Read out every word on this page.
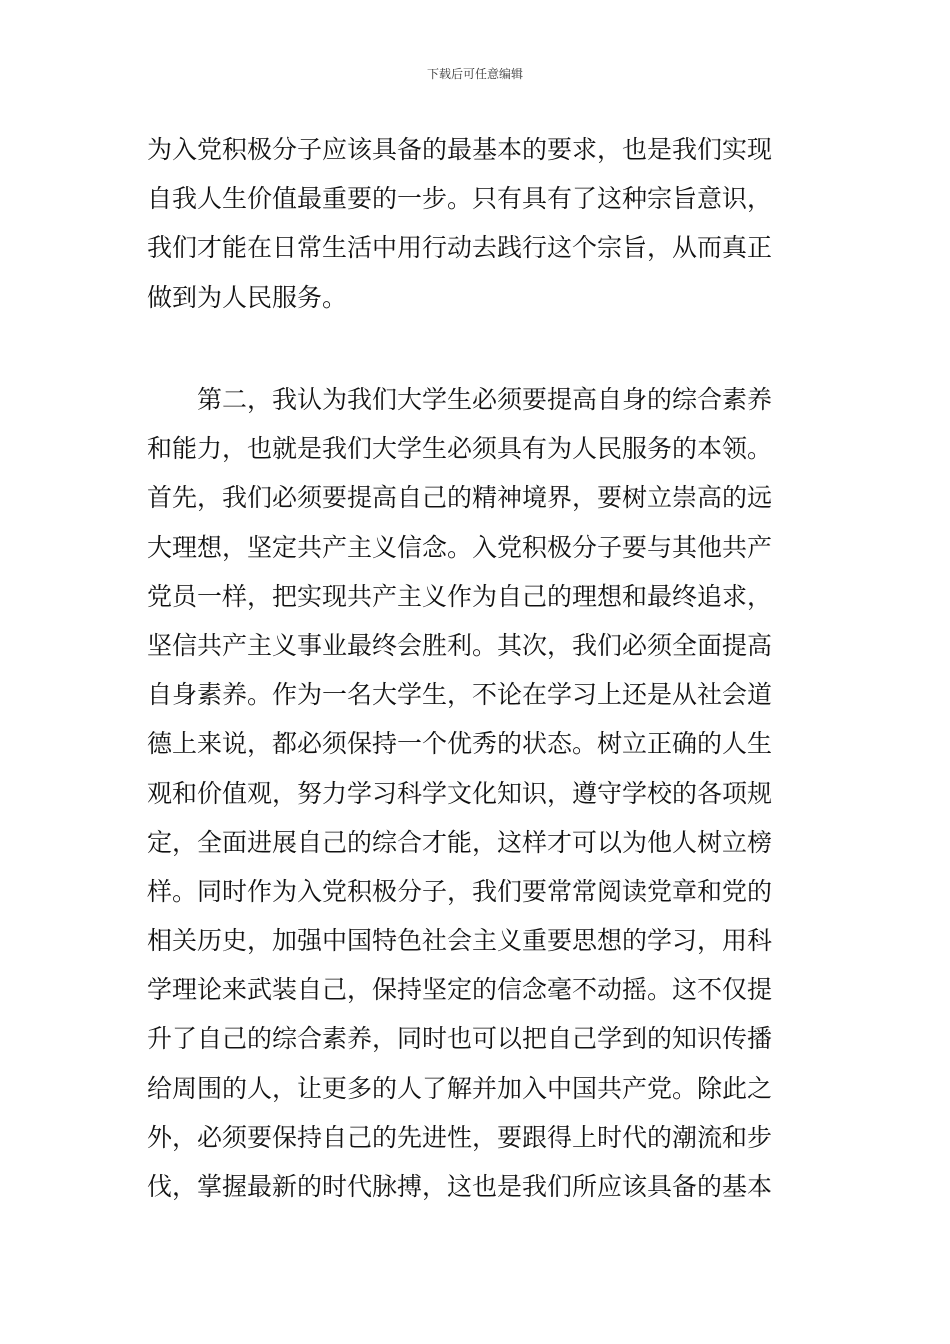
下载后可任意编辑
为入党积极分子应该具备的最基本的要求，也是我们实现
自我人生价值最重要的一步。只有具有了这种宗旨意识，
我们才能在日常生活中用行动去践行这个宗旨，从而真正
做到为人民服务。
第二，我认为我们大学生必须要提高自身的综合素养
和能力，也就是我们大学生必须具有为人民服务的本领。
首先，我们必须要提高自己的精神境界，要树立崇高的远
大理想，坚定共产主义信念。入党积极分子要与其他共产
党员一样，把实现共产主义作为自己的理想和最终追求，
坚信共产主义事业最终会胜利。其次，我们必须全面提高
自身素养。作为一名大学生，不论在学习上还是从社会道
德上来说，都必须保持一个优秀的状态。树立正确的人生
观和价值观，努力学习科学文化知识，遵守学校的各项规
定，全面进展自己的综合才能，这样才可以为他人树立榜
样。同时作为入党积极分子，我们要常常阅读党章和党的
相关历史，加强中国特色社会主义重要思想的学习，用科
学理论来武装自己，保持坚定的信念毫不动摇。这不仅提
升了自己的综合素养，同时也可以把自己学到的知识传播
给周围的人，让更多的人了解并加入中国共产党。除此之
外，必须要保持自己的先进性，要跟得上时代的潮流和步
伐，掌握最新的时代脉搏，这也是我们所应该具备的基本
